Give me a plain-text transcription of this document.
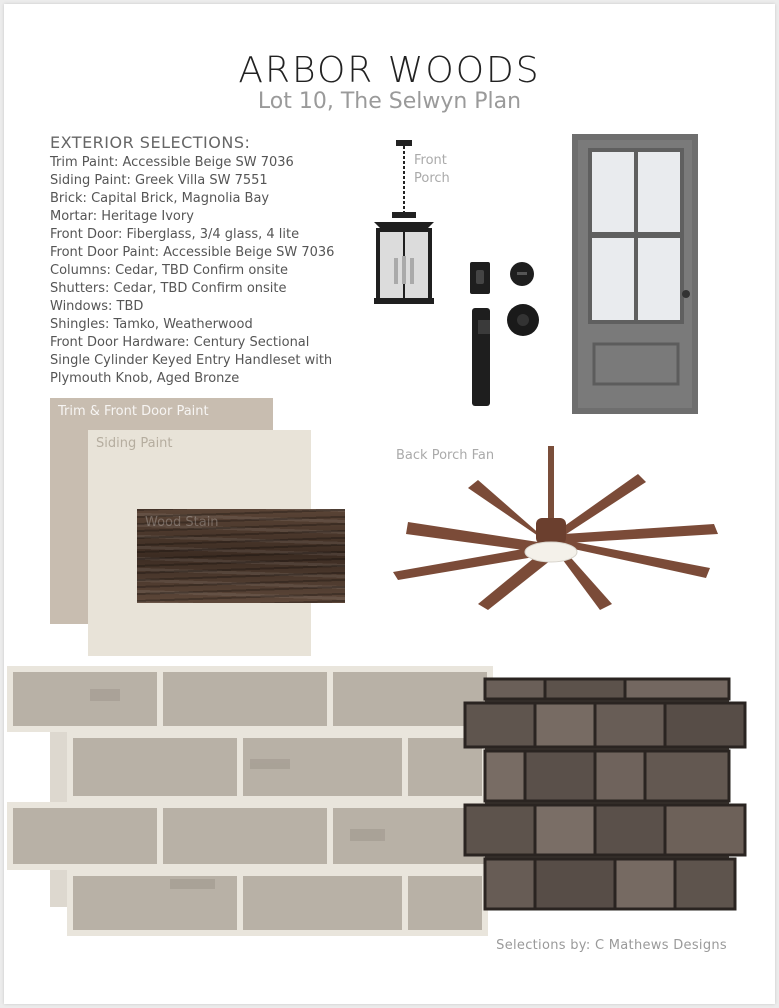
ARBOR WOODS
Lot 10, The Selwyn Plan
EXTERIOR SELECTIONS:
Trim Paint: Accessible Beige SW 7036
Siding Paint: Greek Villa SW 7551
Brick: Capital Brick, Magnolia Bay
Mortar: Heritage Ivory
Front Door: Fiberglass, 3/4 glass, 4 lite
Front Door Paint: Accessible Beige SW 7036
Columns: Cedar, TBD Confirm onsite
Shutters: Cedar, TBD Confirm onsite
Windows: TBD
Shingles: Tamko, Weatherwood
Front Door Hardware: Century Sectional
Single Cylinder Keyed Entry Handleset with
Plymouth Knob, Aged Bronze
Front
Porch
Trim & Front Door Paint
Siding Paint
Wood Stain
Back Porch Fan
Selections by: C Mathews Designs
